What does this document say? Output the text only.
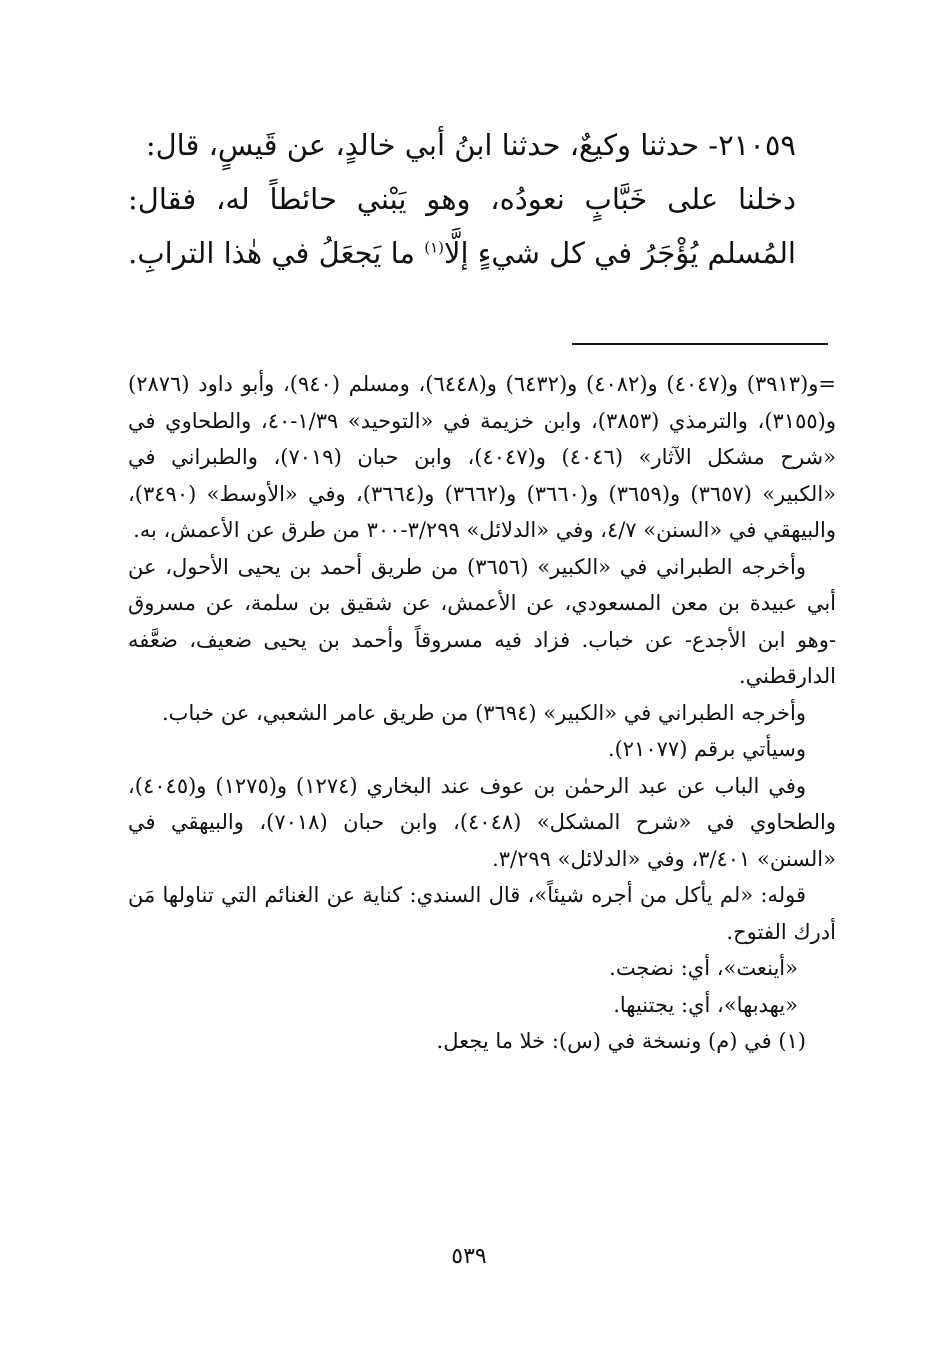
٢١٠٥٩- حدثنا وكيعٌ، حدثنا ابنُ أبي خالدٍ، عن قَيسٍ، قال:

دخلنا على خَبَّابٍ نعودُه، وهو يَبْني حائطاً له، فقال: المُسلم يُؤْجَرُ في كل شيءٍ إلَّا$^{(١)}$ ما يَجعَلُ في هٰذا الترابِ.

=و(٣٩١٣) و(٤٠٤٧) و(٤٠٨٢) و(٦٤٣٢) و(٦٤٤٨)، ومسلم (٩٤٠)، وأبو داود (٢٨٧٦) و(٣١٥٥)، والترمذي (٣٨٥٣)، وابن خزيمة في «التوحيد» ١/٣٩-٤٠، والطحاوي في «شرح مشكل الآثار» (٤٠٤٦) و(٤٠٤٧)، وابن حبان (٧٠١٩)، والطبراني في «الكبير» (٣٦٥٧) و(٣٦٥٩) و(٣٦٦٠) و(٣٦٦٢) و(٣٦٦٤)، وفي «الأوسط» (٣٤٩٠)، والبيهقي في «السنن» ٤/٧، وفي «الدلائل» ٣/٢٩٩-٣٠٠ من طرق عن الأعمش، به.

وأخرجه الطبراني في «الكبير» (٣٦٥٦) من طريق أحمد بن يحيى الأحول، عن أبي عبيدة بن معن المسعودي، عن الأعمش، عن شقيق بن سلمة، عن مسروق -وهو ابن الأجدع- عن خباب. فزاد فيه مسروقاً وأحمد بن يحيى ضعيف، ضعَّفه الدارقطني.

وأخرجه الطبراني في «الكبير» (٣٦٩٤) من طريق عامر الشعبي، عن خباب.

وسيأتي برقم (٢١٠٧٧).

وفي الباب عن عبد الرحمٰن بن عوف عند البخاري (١٢٧٤) و(١٢٧٥) و(٤٠٤٥)، والطحاوي في «شرح المشكل» (٤٠٤٨)، وابن حبان (٧٠١٨)، والبيهقي في «السنن» ٣/٤٠١، وفي «الدلائل» ٣/٢٩٩.

قوله: «لم يأكل من أجره شيئاً»، قال السندي: كناية عن الغنائم التي تناولها مَن أدرك الفتوح.

«أينعت»، أي: نضجت.

«يهدبها»، أي: يجتنيها.

(١) في (م) ونسخة في (س): خلا ما يجعل.

٥٣٩
